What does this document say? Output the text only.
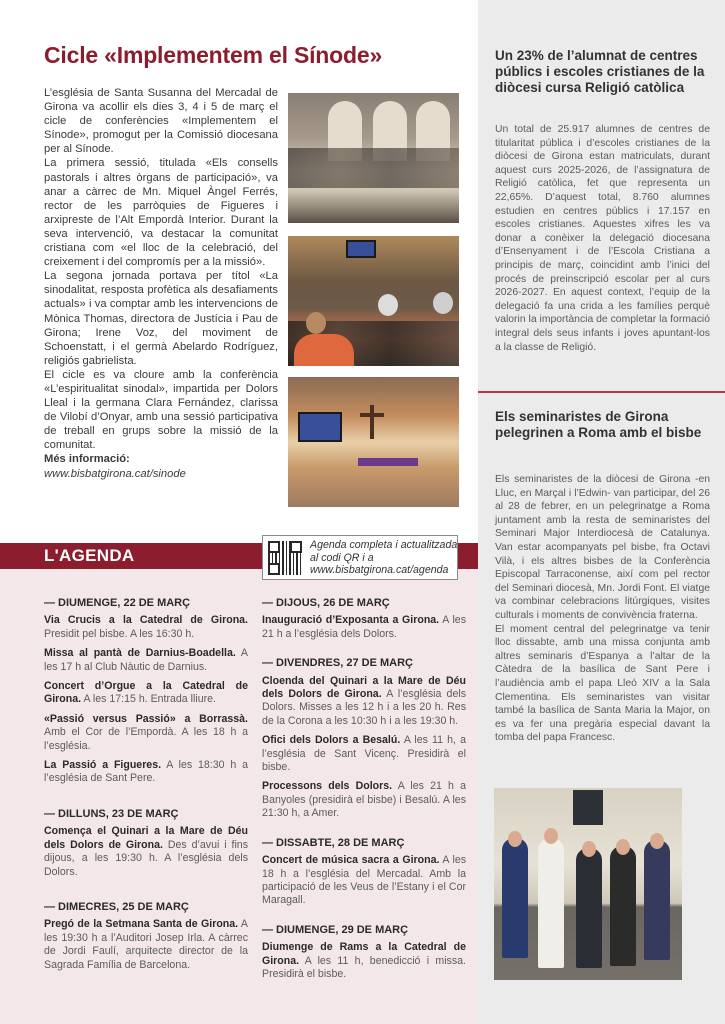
Cicle «Implementem el Sínode»

L’església de Santa Susanna del Mercadal de Girona va acollir els dies 3, 4 i 5 de març el cicle de conferències «Implementem el Sínode», promogut per la Comissió diocesana per al Sínode.

La primera sessió, titulada «Els consells pastorals i altres òrgans de participació», va anar a càrrec de Mn. Miquel Àngel Ferrés, rector de les parròquies de Figueres i arxipreste de l’Alt Empordà Interior. Durant la seva intervenció, va destacar la comunitat cristiana com «el lloc de la celebració, del creixement i del compromís per a la missió».

La segona jornada portava per títol «La sinodalitat, resposta profètica als desafiaments actuals» i va comptar amb les intervencions de Mònica Thomas, directora de Justícia i Pau de Girona; Irene Voz, del moviment de Schoenstatt, i el germà Abelardo Rodríguez, religiós gabrielista.

El cicle es va cloure amb la conferència «L’espiritualitat sinodal», impartida per Dolors Lleal i la germana Clara Fernández, clarissa de Vilobí d’Onyar, amb una sessió participativa de treball en grups sobre la missió de la comunitat.

Més informació:
www.bisbatgirona.cat/sinode

Un 23% de l’alumnat de centres públics i escoles cristianes de la diòcesi cursa Religió catòlica

Un total de 25.917 alumnes de centres de titularitat pública i d’escoles cristianes de la diòcesi de Girona estan matriculats, durant aquest curs 2025-2026, de l’assignatura de Religió catòlica, fet que representa un 22,65%. D’aquest total, 8.760 alumnes estudien en centres públics i 17.157 en escoles cristianes. Aquestes xifres les va donar a conèixer la delegació diocesana d’Ensenyament i de l’Escola Cristiana a principis de març, coincidint amb l’inici del procés de preinscripció escolar per al curs 2026-2027. En aquest context, l’equip de la delegació fa una crida a les famílies perquè valorin la importància de completar la formació integral dels seus infants i joves apuntant-los a la classe de Religió.

Els seminaristes de Girona pelegrinen a Roma amb el bisbe

Els seminaristes de la diòcesi de Girona -en Lluc, en Marçal i l’Edwin- van participar, del 26 al 28 de febrer, en un pelegrinatge a Roma juntament amb la resta de seminaristes del Seminari Major Interdiocesà de Catalunya. Van estar acompanyats pel bisbe, fra Octavi Vilà, i els altres bisbes de la Conferència Episcopal Tarraconense, així com pel rector del Seminari diocesà, Mn. Jordi Font. El viatge va combinar celebracions litúrgiques, visites culturals i moments de convivència fraterna.

El moment central del pelegrinatge va tenir lloc dissabte, amb una missa conjunta amb altres seminaris d’Espanya a l’altar de la Càtedra de la basílica de Sant Pere i l’audiència amb el papa Lleó XIV a la Sala Clementina. Els seminaristes van visitar també la basílica de Santa Maria la Major, on es va fer una pregària especial davant la tomba del papa Francesc.

L'AGENDA
Agenda completa i actualitzada al codi QR i a www.bisbatgirona.cat/agenda
— DIUMENGE, 22 DE MARÇ

Via Crucis a la Catedral de Girona. Presidit pel bisbe. A les 16:30 h.

Missa al pantà de Darnius-Boadella. A les 17 h al Club Nàutic de Darnius.

Concert d’Orgue a la Catedral de Girona. A les 17:15 h. Entrada lliure.

«Passió versus Passió» a Borrassà. Amb el Cor de l’Empordà. A les 18 h a l’església.

La Passió a Figueres. A les 18:30 h a l’església de Sant Pere.

— DILLUNS, 23 DE MARÇ

Comença el Quinari a la Mare de Déu dels Dolors de Girona. Des d’avui i fins dijous, a les 19:30 h. A l’església dels Dolors.

— DIMECRES, 25 DE MARÇ

Pregó de la Setmana Santa de Girona. A les 19:30 h a l’Auditori Josep Irla. A càrrec de Jordi Faulí, arquitecte director de la Sagrada Família de Barcelona.

— DIJOUS, 26 DE MARÇ

Inauguració d’Exposanta a Girona. A les 21 h a l’església dels Dolors.

— DIVENDRES, 27 DE MARÇ

Cloenda del Quinari a la Mare de Déu dels Dolors de Girona. A l’església dels Dolors. Misses a les 12 h i a les 20 h. Res de la Corona a les 10:30 h i a les 19:30 h.

Ofici dels Dolors a Besalú. A les 11 h, a l’església de Sant Vicenç. Presidirà el bisbe.

Processons dels Dolors. A les 21 h a Banyoles (presidirà el bisbe) i Besalú. A les 21:30 h, a Amer.

— DISSABTE, 28 DE MARÇ

Concert de música sacra a Girona. A les 18 h a l’església del Mercadal. Amb la participació de les Veus de l’Estany i el Cor Maragall.

— DIUMENGE, 29 DE MARÇ

Diumenge de Rams a la Catedral de Girona. A les 11 h, benedicció i missa. Presidirà el bisbe.
